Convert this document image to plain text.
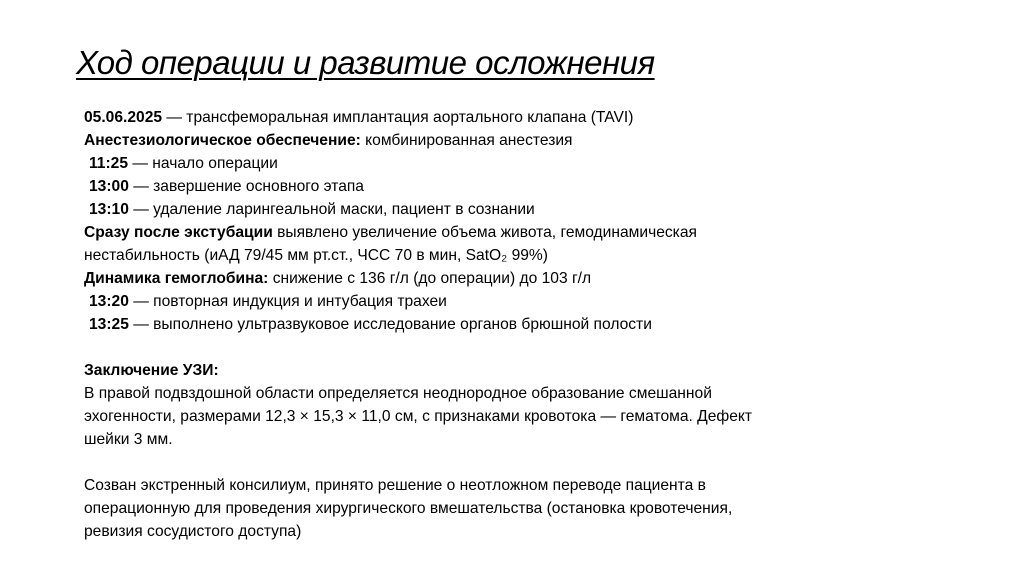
Ход операции и развитие осложнения
05.06.2025 — трансфеморальная имплантация аортального клапана (TAVI)
Анестезиологическое обеспечение: комбинированная анестезия
11:25 — начало операции
13:00 — завершение основного этапа
13:10 — удаление ларингеальной маски, пациент в сознании
Сразу после экстубации выявлено увеличение объема живота, гемодинамическая
нестабильность (иАД 79/45 мм рт.ст., ЧСС 70 в мин, SatO₂ 99%)
Динамика гемоглобина: снижение с 136 г/л (до операции) до 103 г/л
13:20 — повторная индукция и интубация трахеи
13:25 — выполнено ультразвуковое исследование органов брюшной полости
Заключение УЗИ:
В правой подвздошной области определяется неоднородное образование смешанной
эхогенности, размерами 12,3 × 15,3 × 11,0 см, с признаками кровотока — гематома. Дефект
шейки 3 мм.
Созван экстренный консилиум, принято решение о неотложном переводе пациента в
операционную для проведения хирургического вмешательства (остановка кровотечения,
ревизия сосудистого доступа)
